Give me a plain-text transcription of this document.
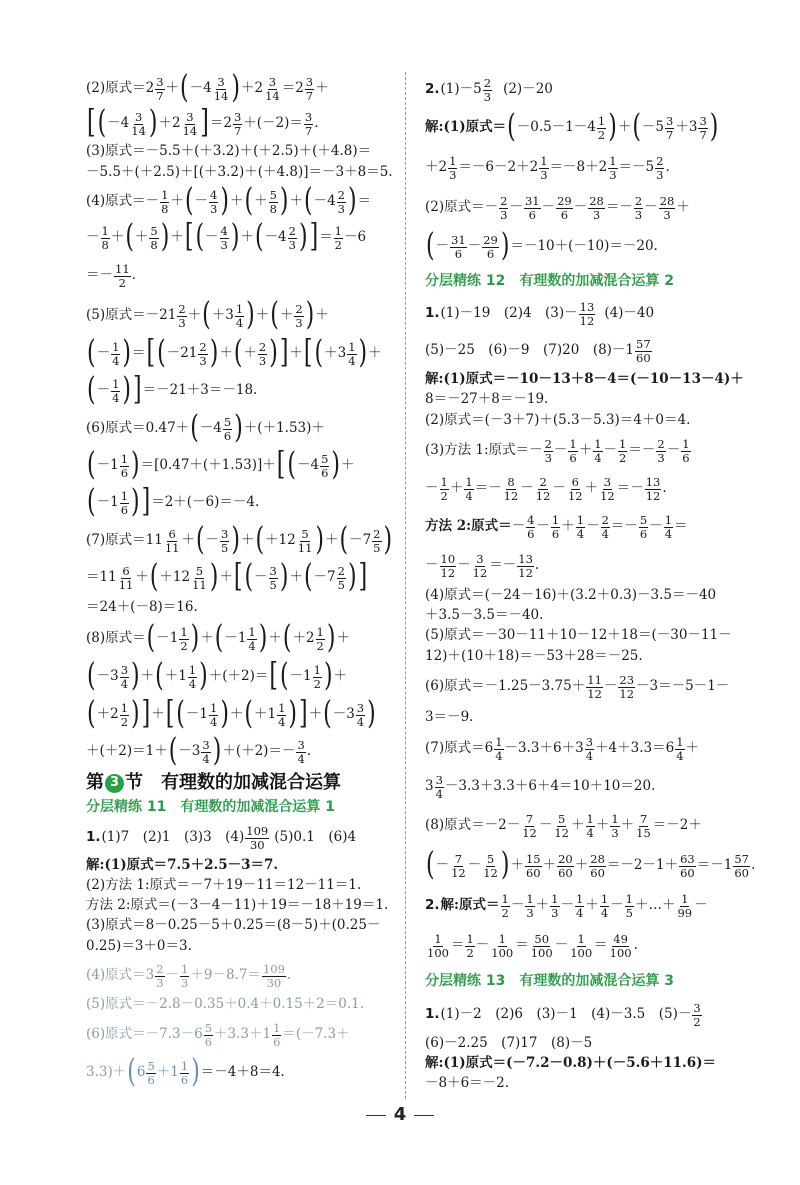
(2)原式$=2 \frac{3}{7}$ ＋ ( $-4 \frac{3}{14}$ ) $+2 \frac{3}{14} =2 \frac{3}{7}$ ＋
[ ( $-4 \frac{3}{14}$ ) $+2 \frac{3}{14}$ ] $=2 \frac{3}{7} +(-2)= \frac{3}{7}$ .
(3)原式＝－5.5＋(＋3.2)＋(＋2.5)＋(＋4.8)＝
－5.5＋(＋2.5)＋[(＋3.2)＋(＋4.8)]＝－3＋8＝5.
(4)原式＝ － $\frac{1}{8}$ ＋ ( － $\frac{4}{3}$ ) ＋ ( ＋ $\frac{5}{8}$ ) ＋ ( $-4 \frac{2}{3}$ ) ＝
－ $\frac{1}{8}$ ＋ ( ＋ $\frac{5}{8}$ ) ＋ [ ( － $\frac{4}{3}$ ) ＋ ( $-4 \frac{2}{3}$ ) ] ＝ $\frac{1}{2} -6$
＝－ $\frac{11}{2}$ .
(5)原式$=-21 \frac{2}{3}$ ＋ ( $+3 \frac{1}{4}$ ) ＋ ( ＋ $\frac{2}{3}$ ) ＋
( － $\frac{1}{4}$ ) ＝ [ ( $-21 \frac{2}{3}$ ) ＋ ( ＋ $\frac{2}{3}$ ) ] ＋ [ ( $+3 \frac{1}{4}$ ) ＋
( － $\frac{1}{4}$ ) ] ＝－21＋3＝－18.
(6)原式＝0.47＋ ( $-4 \frac{5}{6}$ ) ＋(＋1.53)＋
( $-1 \frac{1}{6}$ ) ＝[0.47＋(＋1.53)]＋ [ ( $-4 \frac{5}{6}$ ) ＋
( $-1 \frac{1}{6}$ ) ] ＝2＋(－6)＝－4.
(7)原式$=11 \frac{6}{11}$ ＋ ( － $\frac{3}{5}$ ) ＋ ( $+12 \frac{5}{11}$ ) ＋ ( $-7 \frac{2}{5}$ )
$=11 \frac{6}{11}$ ＋ ( $+12 \frac{5}{11}$ ) ＋ [ ( － $\frac{3}{5}$ ) ＋ ( $-7 \frac{2}{5}$ ) ]
＝24＋(－8)＝16.
(8)原式＝ ( $-1 \frac{1}{2}$ ) ＋ ( $-1 \frac{1}{4}$ ) ＋ ( $+2 \frac{1}{2}$ ) ＋
( $-3 \frac{3}{4}$ ) ＋ ( $+1 \frac{1}{4}$ ) ＋(＋2)＝ [ ( $-1 \frac{1}{2}$ ) ＋
( $+2 \frac{1}{2}$ ) ] ＋ [ ( $-1 \frac{1}{4}$ ) ＋ ( $+1 \frac{1}{4}$ ) ] ＋ ( $-3 \frac{3}{4}$ )
＋(＋2)＝1＋ ( $-3 \frac{3}{4}$ ) $+(+2)=- \frac{3}{4}$ .
第 3 节 有理数的加减混合运算
分层精练 11　有理数的加减混合运算 1
1. (1)7　(2)1　(3)3　$(4) \frac{109}{30} (5)0.1$　(6)4
解:(1)原式＝7.5＋2.5－3＝7.
(2)方法 1:原式＝－7＋19－11＝12－11＝1.
方法 2:原式＝(－3－4－11)＋19＝－18＋19＝1.
(3)原式＝8－0.25－5＋0.25＝(8－5)＋(0.25－
0.25)＝3＋0＝3.
(4)原式$=3 \frac{2}{3} - \frac{1}{3} +9-8.7= \frac{109}{30}$ .
(5)原式＝－2.8－0.35＋0.4＋0.15＋2＝0.1.
(6)原式$=-7.3-6 \frac{5}{6} +3.3+1 \frac{1}{6} =(-7.3+$
3.3)＋ ( $6 \frac{5}{6} +1 \frac{1}{6}$ ) ＝－4＋8＝4.
2. $(1)-5 \frac{2}{3} (2)-20$
解:(1)原式＝ ( $-0.5-1-4 \frac{1}{2}$ ) ＋ ( $-5 \frac{3}{7} +3 \frac{3}{7}$ )
$+2 \frac{1}{3} =-6-2+2 \frac{1}{3} =-8+2 \frac{1}{3} =-5 \frac{2}{3}$ .
(2)原式＝－ $\frac{2}{3} - \frac{31}{6} - \frac{29}{6} - \frac{28}{3} =- \frac{2}{3} - \frac{28}{3}$ ＋
( － $\frac{31}{6} - \frac{29}{6}$ ) ＝－10＋(－10)＝－20.
分层精练 12　有理数的加减混合运算 2
1. (1)－19　(2)4　$(3)- \frac{13}{12} (4)-40$
(5)－25　(6)－9　(7)20　$(8)-1 \frac{57}{60}$
解:(1)原式＝－10－13＋8－4＝(－10－13－4)＋
8＝－27＋8＝－19.
(2)原式＝(－3＋7)＋(5.3－5.3)＝4＋0＝4.
(3)方法 1:原式＝ － $\frac{2}{3} - \frac{1}{6} + \frac{1}{4} - \frac{1}{2} =- \frac{2}{3} - \frac{1}{6}$
－ $\frac{1}{2} + \frac{1}{4} =- \frac{8}{12} - \frac{2}{12} - \frac{6}{12} + \frac{3}{12} =- \frac{13}{12}$ .
方法 2:原式＝ － $\frac{4}{6} - \frac{1}{6} + \frac{1}{4} - \frac{2}{4} =- \frac{5}{6} - \frac{1}{4}$ ＝
－ $\frac{10}{12} - \frac{3}{12} =- \frac{13}{12}$ .
(4)原式＝(－24－16)＋(3.2＋0.3)－3.5＝－40
＋3.5－3.5＝－40.
(5)原式＝－30－11＋10－12＋18＝(－30－11－
12)＋(10＋18)＝－53＋28＝－25.
(6)原式$=-1.25-3.75+ \frac{11}{12} - \frac{23}{12} -3=-5-1-$
3＝－9.
(7)原式$=6 \frac{1}{4} -3.3+6+3 \frac{3}{4} +4+3.3=6 \frac{1}{4}$ ＋
$3 \frac{3}{4} -3.3+3.3+6+4=10+10=20$.
(8)原式$=-2- \frac{7}{12} - \frac{5}{12} + \frac{1}{4} + \frac{1}{3} + \frac{7}{15} =-2+$
( － $\frac{7}{12} - \frac{5}{12}$ ) ＋ $\frac{15}{60} + \frac{20}{60} + \frac{28}{60} =-2-1+ \frac{63}{60} =-1 \frac{57}{60}$ .
2. 解:原式＝ $\frac{1}{2} - \frac{1}{3} + \frac{1}{3} - \frac{1}{4} + \frac{1}{4} - \frac{1}{5}$ ＋…＋ $\frac{1}{99}$ －
$\frac{1}{100} = \frac{1}{2} - \frac{1}{100} = \frac{50}{100} - \frac{1}{100} = \frac{49}{100}$ .
分层精练 13　有理数的加减混合运算 3
1. (1)－2　(2)6　(3)－1　(4)－3.5　$(5)- \frac{3}{2}$
(6)－2.25　(7)17　(8)－5
解:(1)原式＝(－7.2－0.8)＋(－5.6＋11.6)＝
－8＋6＝－2.
4
